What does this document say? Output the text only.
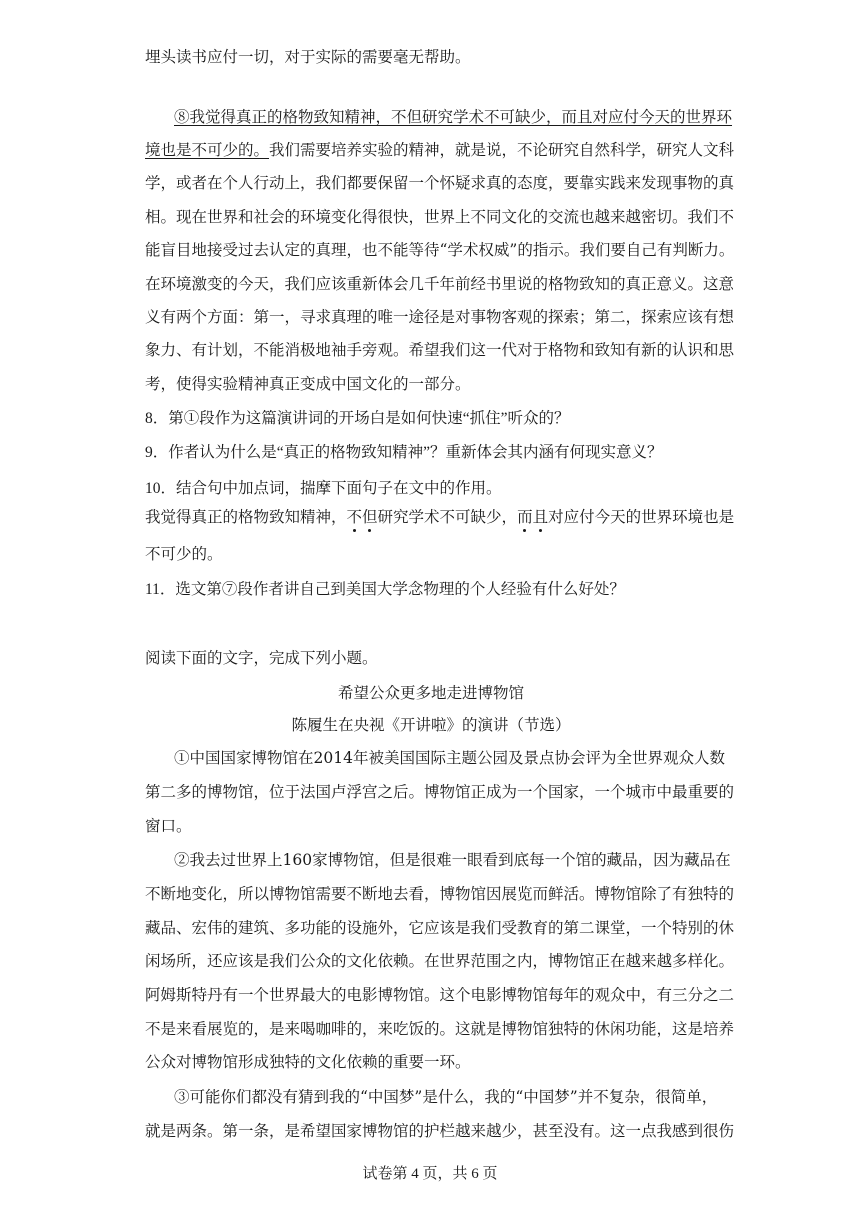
埋头读书应付一切，对于实际的需要毫无帮助。
⑧我觉得真正的格物致知精神，不但研究学术不可缺少，而且对应付今天的世界环
境也是不可少的。我们需要培养实验的精神，就是说，不论研究自然科学，研究人文科
学，或者在个人行动上，我们都要保留一个怀疑求真的态度，要靠实践来发现事物的真
相。现在世界和社会的环境变化得很快，世界上不同文化的交流也越来越密切。我们不
能盲目地接受过去认定的真理，也不能等待“学术权威”的指示。我们要自己有判断力。
在环境激变的今天，我们应该重新体会几千年前经书里说的格物致知的真正意义。这意
义有两个方面：第一，寻求真理的唯一途径是对事物客观的探索；第二，探索应该有想
象力、有计划，不能消极地袖手旁观。希望我们这一代对于格物和致知有新的认识和思
考，使得实验精神真正变成中国文化的一部分。
8．第①段作为这篇演讲词的开场白是如何快速“抓住”听众的？
9．作者认为什么是“真正的格物致知精神”？重新体会其内涵有何现实意义？
10．结合句中加点词，揣摩下面句子在文中的作用。
我觉得真正的格物致知精神，不但研究学术不可缺少，而且对应付今天的世界环境也是
不可少的。
11．选文第⑦段作者讲自己到美国大学念物理的个人经验有什么好处？
阅读下面的文字，完成下列小题。
希望公众更多地走进博物馆
陈履生在央视《开讲啦》的演讲（节选）
①中国国家博物馆在2014年被美国国际主题公园及景点协会评为全世界观众人数
第二多的博物馆，位于法国卢浮宫之后。博物馆正成为一个国家，一个城市中最重要的
窗口。
②我去过世界上160家博物馆，但是很难一眼看到底每一个馆的藏品，因为藏品在
不断地变化，所以博物馆需要不断地去看，博物馆因展览而鲜活。博物馆除了有独特的
藏品、宏伟的建筑、多功能的设施外，它应该是我们受教育的第二课堂，一个特别的休
闲场所，还应该是我们公众的文化依赖。在世界范围之内，博物馆正在越来越多样化。
阿姆斯特丹有一个世界最大的电影博物馆。这个电影博物馆每年的观众中，有三分之二
不是来看展览的，是来喝咖啡的，来吃饭的。这就是博物馆独特的休闲功能，这是培养
公众对博物馆形成独特的文化依赖的重要一环。
③可能你们都没有猜到我的“中国梦”是什么，我的“中国梦”并不复杂，很简单，
就是两条。第一条，是希望国家博物馆的护栏越来越少，甚至没有。这一点我感到很伤
试卷第 4 页，共 6 页
